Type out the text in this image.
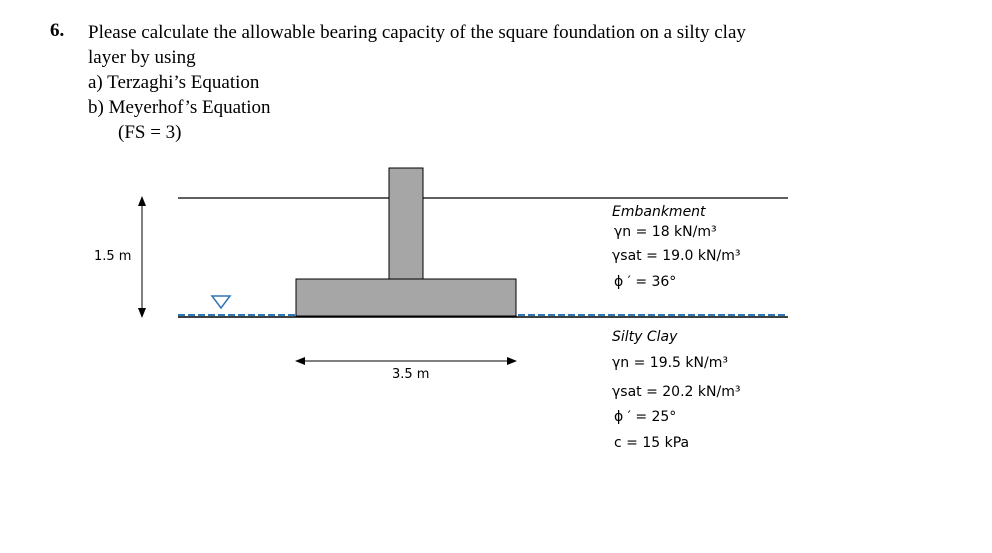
6. Please calculate the allowable bearing capacity of the square foundation on a silty clay
layer by using
a) Terzaghi’s Equation
b) Meyerhof’s Equation
(FS = 3)
1.5 m
3.5 m
Embankment
γn = 18 kN/m³
γsat = 19.0 kN/m³
ϕ ′ = 36°
Silty Clay
γn = 19.5 kN/m³
γsat = 20.2 kN/m³
ϕ ′ = 25°
c = 15 kPa
